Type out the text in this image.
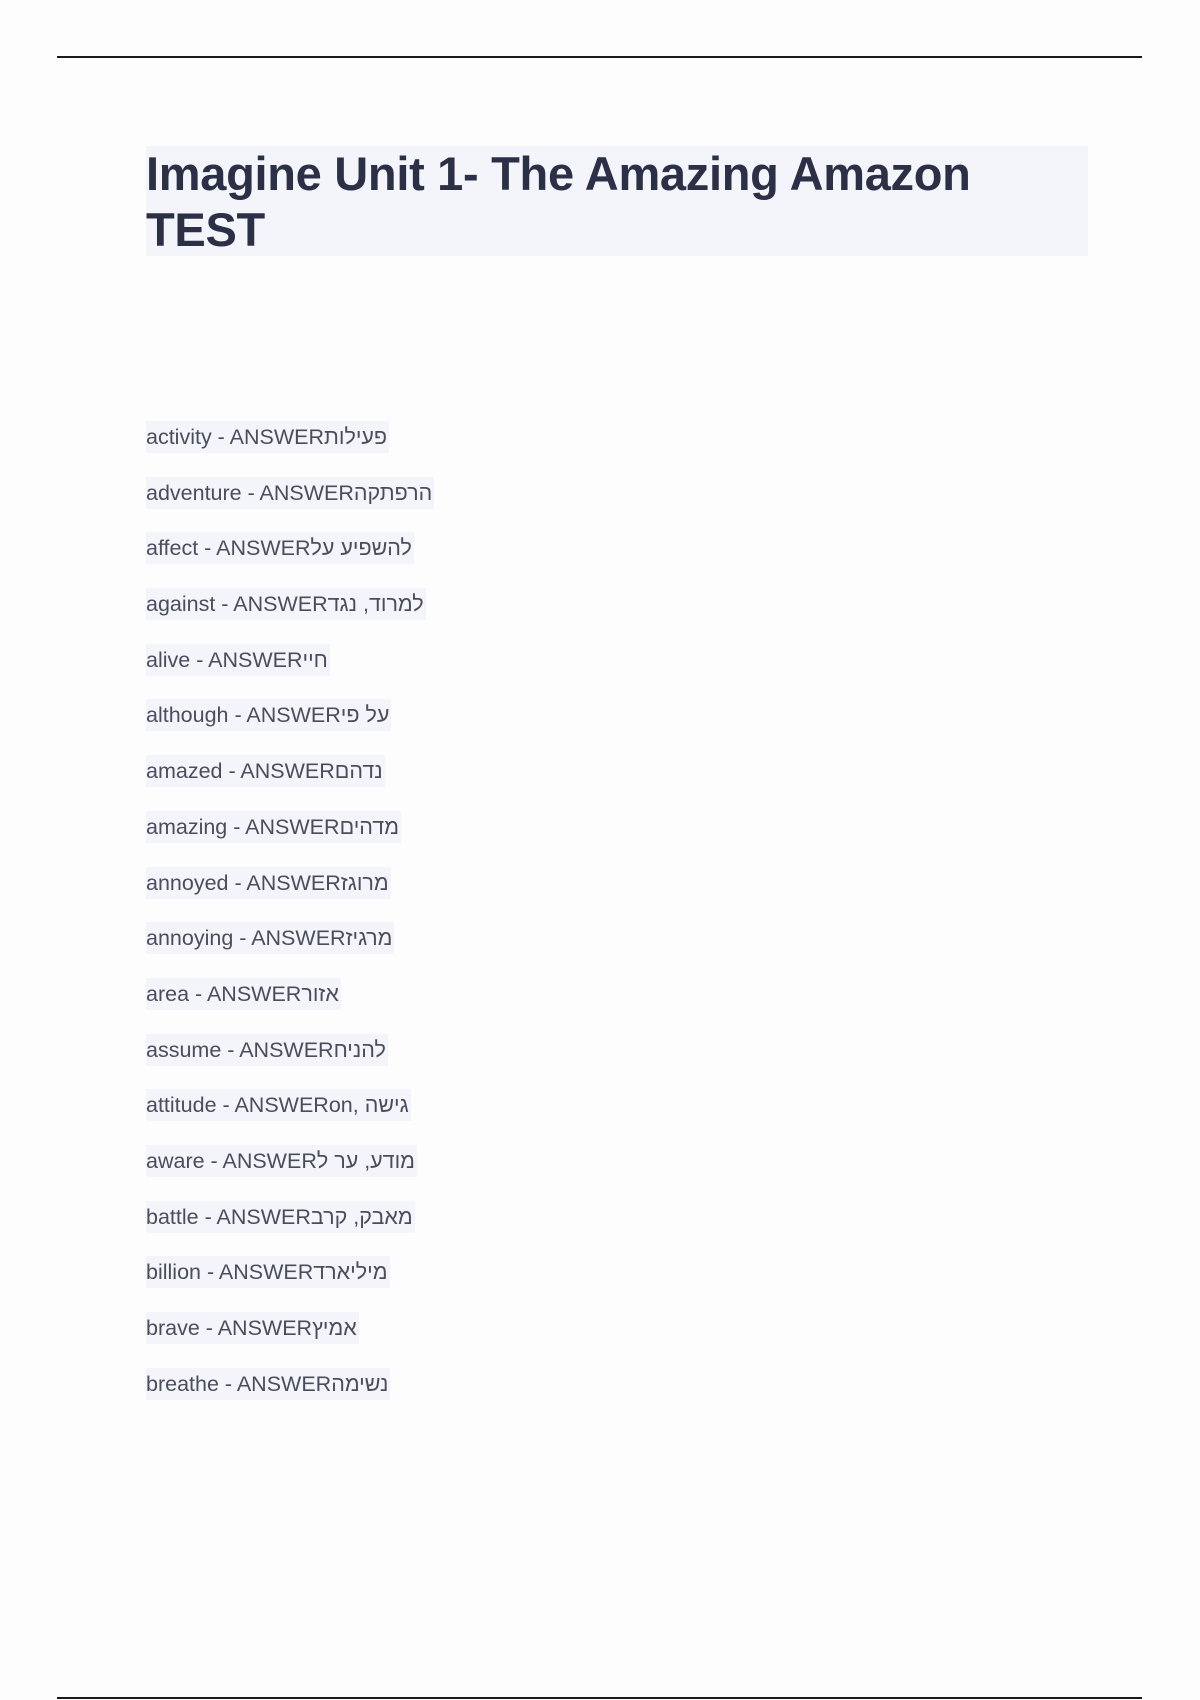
Imagine Unit 1- The Amazing Amazon TEST
activity - ANSWERפעילות
adventure - ANSWERהרפתקה
affect - ANSWERלהשפיע על
against - ANSWERלמרוד, נגד
alive - ANSWERחיי
although - ANSWERעל פי
amazed - ANSWERנדהם
amazing - ANSWERמדהים
annoyed - ANSWERמרוגז
annoying - ANSWERמרגיז
area - ANSWERאזור
assume - ANSWERלהניח
attitude - ANSWERon, גישה
aware - ANSWERמודע, ער ל
battle - ANSWERמאבק, קרב
billion - ANSWERמיליארד
brave - ANSWERאמיץ
breathe - ANSWERנשימה
